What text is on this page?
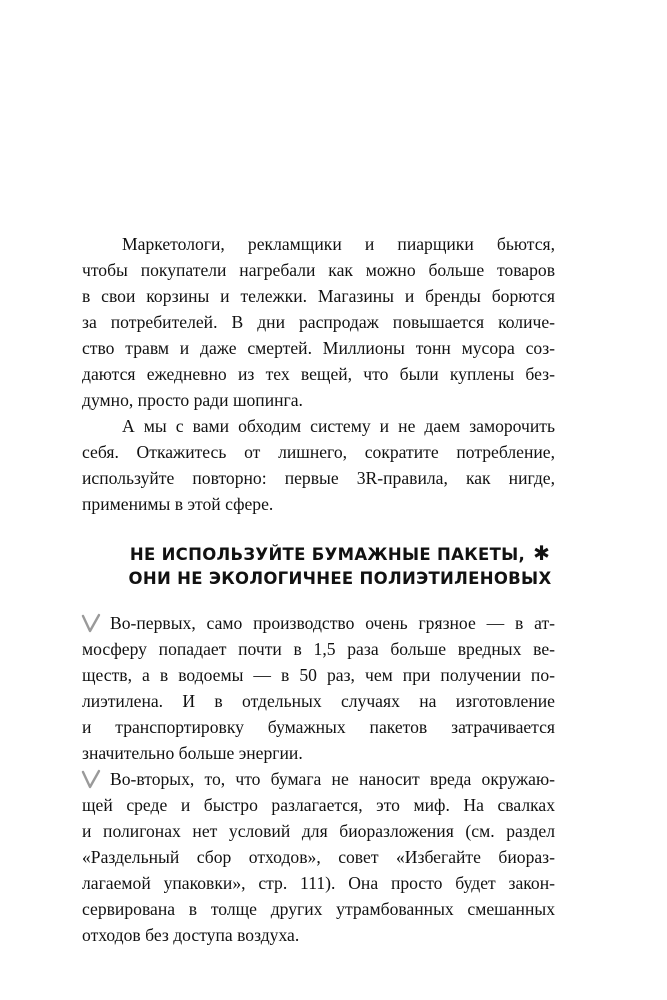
Маркетологи, рекламщики и пиарщики бьются,
чтобы покупатели нагребали как можно больше товаров
в свои корзины и тележки. Магазины и бренды борются
за потребителей. В дни распродаж повышается количе-
ство травм и даже смертей. Миллионы тонн мусора соз-
даются ежедневно из тех вещей, что были куплены без-
думно, просто ради шопинга.
А мы с вами обходим систему и не даем заморочить
себя. Откажитесь от лишнего, сократите потребление,
используйте повторно: первые 3R-правила, как нигде,
применимы в этой сфере.
НЕ ИСПОЛЬЗУЙТЕ БУМАЖНЫЕ ПАКЕТЫ, ✱
ОНИ НЕ ЭКОЛОГИЧНЕЕ ПОЛИЭТИЛЕНОВЫХ
Во-первых, само производство очень грязное — в ат-
мосферу попадает почти в 1,5 раза больше вредных ве-
ществ, а в водоемы — в 50 раз, чем при получении по-
лиэтилена. И в отдельных случаях на изготовление
и транспортировку бумажных пакетов затрачивается
значительно больше энергии.
Во-вторых, то, что бумага не наносит вреда окружаю-
щей среде и быстро разлагается, это миф. На свалках
и полигонах нет условий для биоразложения (см. раздел
«Раздельный сбор отходов», совет «Избегайте биораз-
лагаемой упаковки», стр. 111). Она просто будет закон-
сервирована в толще других утрамбованных смешанных
отходов без доступа воздуха.
